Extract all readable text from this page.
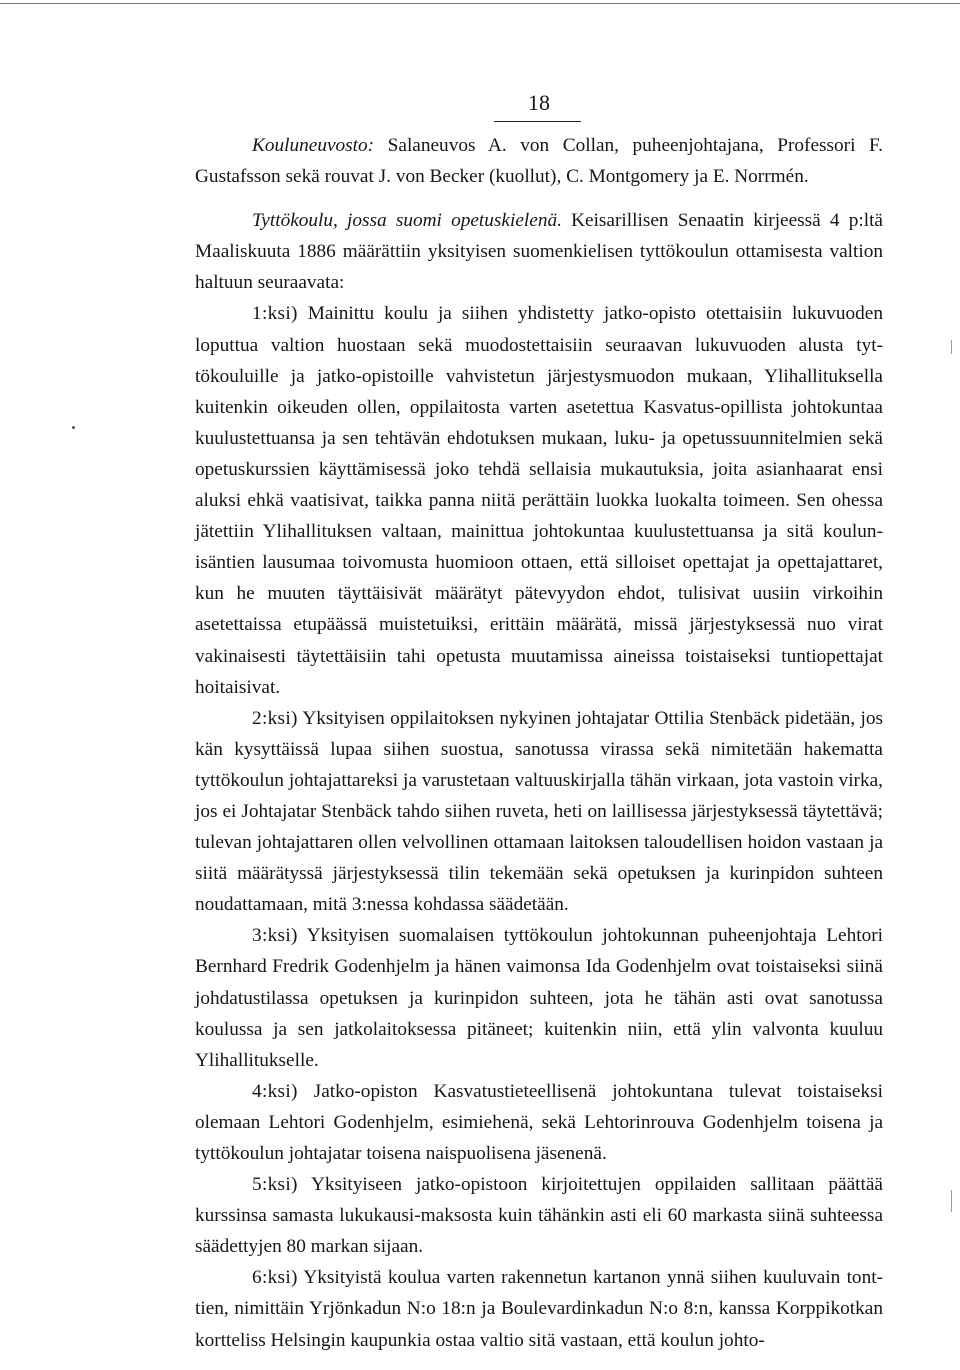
18

Kouluneuvosto: Salaneuvos A. von Collan, puheenjohtajana, Professori F. Gustafsson sekä rouvat J. von Becker (kuollut), C. Montgomery ja E. Norrmén.

Tyttökoulu, jossa suomi opetuskielenä. Keisarillisen Senaatin kirjeessä 4 p:ltä Maaliskuuta 1886 määrättiin yksityisen suomenkielisen tyttökoulun ottamisesta valtion haltuun seuraavata:

1:ksi) Mainittu koulu ja siihen yhdistetty jatko-opisto otettaisiin lukuvuoden loputtua valtion huostaan sekä muodostettaisiin seuraavan lukuvuoden alusta tyttökouluille ja jatko-opistoille vahvistetun järjestysmuodon mukaan, Ylihallituksella kuitenkin oikeuden ollen, oppilaitosta varten asetettua Kasvatus-opillista johtokuntaa kuulustettuansa ja sen tehtävän ehdotuksen mukaan, luku- ja opetussuunnitelmien sekä opetuskurssien käyttämisessä joko tehdä sellaisia mukautuksia, joita asianhaarat ensi aluksi ehkä vaatisivat, taikka panna niitä perättäin luokka luokalta toimeen. Sen ohessa jätettiin Ylihallituksen valtaan, mainittua johtokuntaa kuulustettuansa ja sitä koulun-isäntien lausumaa toivomusta huomioon ottaen, että silloiset opettajat ja opettajattaret, kun he muuten täyttäisivät määrätyt pätevyydon ehdot, tulisivat uusiin virkoihin asetettaissa etupäässä muistetuiksi, erittäin määrätä, missä järjestyksessä nuo virat vakinaisesti täytettäisiin tahi opetusta muutamissa aineissa toistaiseksi tuntiopettajat hoitaisivat.

2:ksi) Yksityisen oppilaitoksen nykyinen johtajatar Ottilia Stenbäck pidetään, jos kän kysyttäissä lupaa siihen suostua, sanotussa virassa sekä nimitetään hakematta tyttökoulun johtajattareksi ja varustetaan valtuuskirjalla tähän virkaan, jota vastoin virka, jos ei Johtajatar Stenbäck tahdo siihen ruveta, heti on laillisessa järjestyksessä täytettävä; tulevan johtajattaren ollen velvollinen ottamaan laitoksen taloudellisen hoidon vastaan ja siitä määrätyssä järjestyksessä tilin tekemään sekä opetuksen ja kurinpidon suhteen noudattamaan, mitä 3:nessa kohdassa säädetään.

3:ksi) Yksityisen suomalaisen tyttökoulun johtokunnan puheenjohtaja Lehtori Bernhard Fredrik Godenhjelm ja hänen vaimonsa Ida Godenhjelm ovat toistaiseksi siinä johdatustilassa opetuksen ja kurinpidon suhteen, jota he tähän asti ovat sanotussa koulussa ja sen jatkolaitoksessa pitäneet; kuitenkin niin, että ylin valvonta kuuluu Ylihallitukselle.

4:ksi) Jatko-opiston Kasvatustieteellisenä johtokuntana tulevat toistaiseksi olemaan Lehtori Godenhjelm, esimiehenä, sekä Lehtorinrouva Godenhjelm toisena ja tyttökoulun johtajatar toisena naispuolisena jäsenenä.

5:ksi) Yksityiseen jatko-opistoon kirjoitettujen oppilaiden sallitaan päättää kurssinsa samasta lukukausi-maksosta kuin tähänkin asti eli 60 markasta siinä suhteessa säädettyjen 80 markan sijaan.

6:ksi) Yksityistä koulua varten rakennetun kartanon ynnä siihen kuuluvain tonttien, nimittäin Yrjönkadun N:o 18:n ja Boulevardinkadun N:o 8:n, kanssa Korppikotkan kortteliss Helsingin kaupunkia ostaa valtio sitä vastaan, että koulun johto-
